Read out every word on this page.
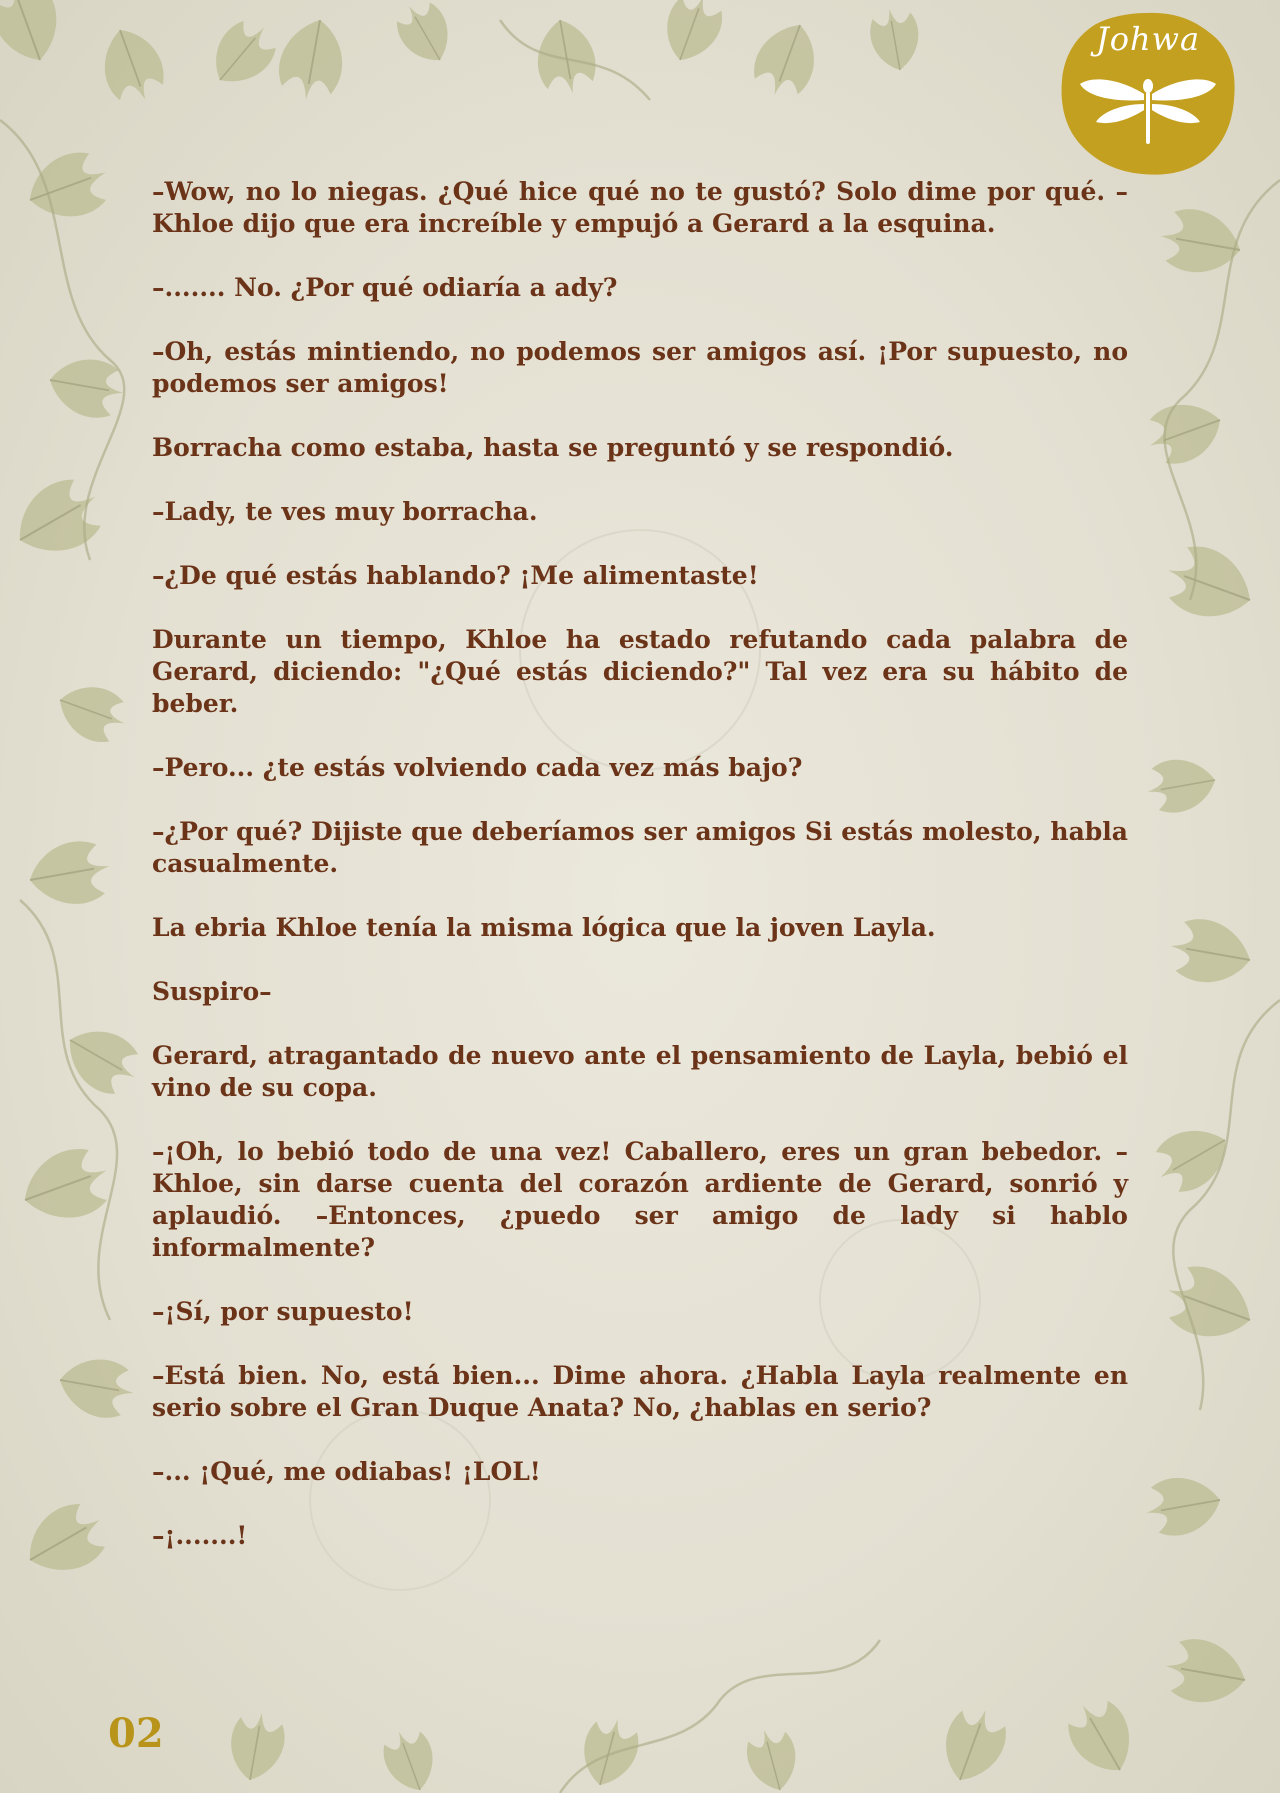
Johwa

–Wow, no lo niegas. ¿Qué hice qué no te gustó? Solo dime por qué. –Khloe dijo que era increíble y empujó a Gerard a la esquina.

–....... No. ¿Por qué odiaría a ady?

–Oh, estás mintiendo, no podemos ser amigos así. ¡Por supuesto, no podemos ser amigos!

Borracha como estaba, hasta se preguntó y se respondió.

–Lady, te ves muy borracha.

–¿De qué estás hablando? ¡Me alimentaste!

Durante un tiempo, Khloe ha estado refutando cada palabra de Gerard, diciendo: "¿Qué estás diciendo?" Tal vez era su hábito de beber.

–Pero... ¿te estás volviendo cada vez más bajo?

–¿Por qué? Dijiste que deberíamos ser amigos Si estás molesto, habla casualmente.

La ebria Khloe tenía la misma lógica que la joven Layla.

Suspiro–

Gerard, atragantado de nuevo ante el pensamiento de Layla, bebió el vino de su copa.

–¡Oh, lo bebió todo de una vez! Caballero, eres un gran bebedor. –Khloe, sin darse cuenta del corazón ardiente de Gerard, sonrió y aplaudió. –Entonces, ¿puedo ser amigo de lady si hablo informalmente?

–¡Sí, por supuesto!

–Está bien. No, está bien... Dime ahora. ¿Habla Layla realmente en serio sobre el Gran Duque Anata? No, ¿hablas en serio?

–... ¡Qué, me odiabas! ¡LOL!

–¡.......!

02
